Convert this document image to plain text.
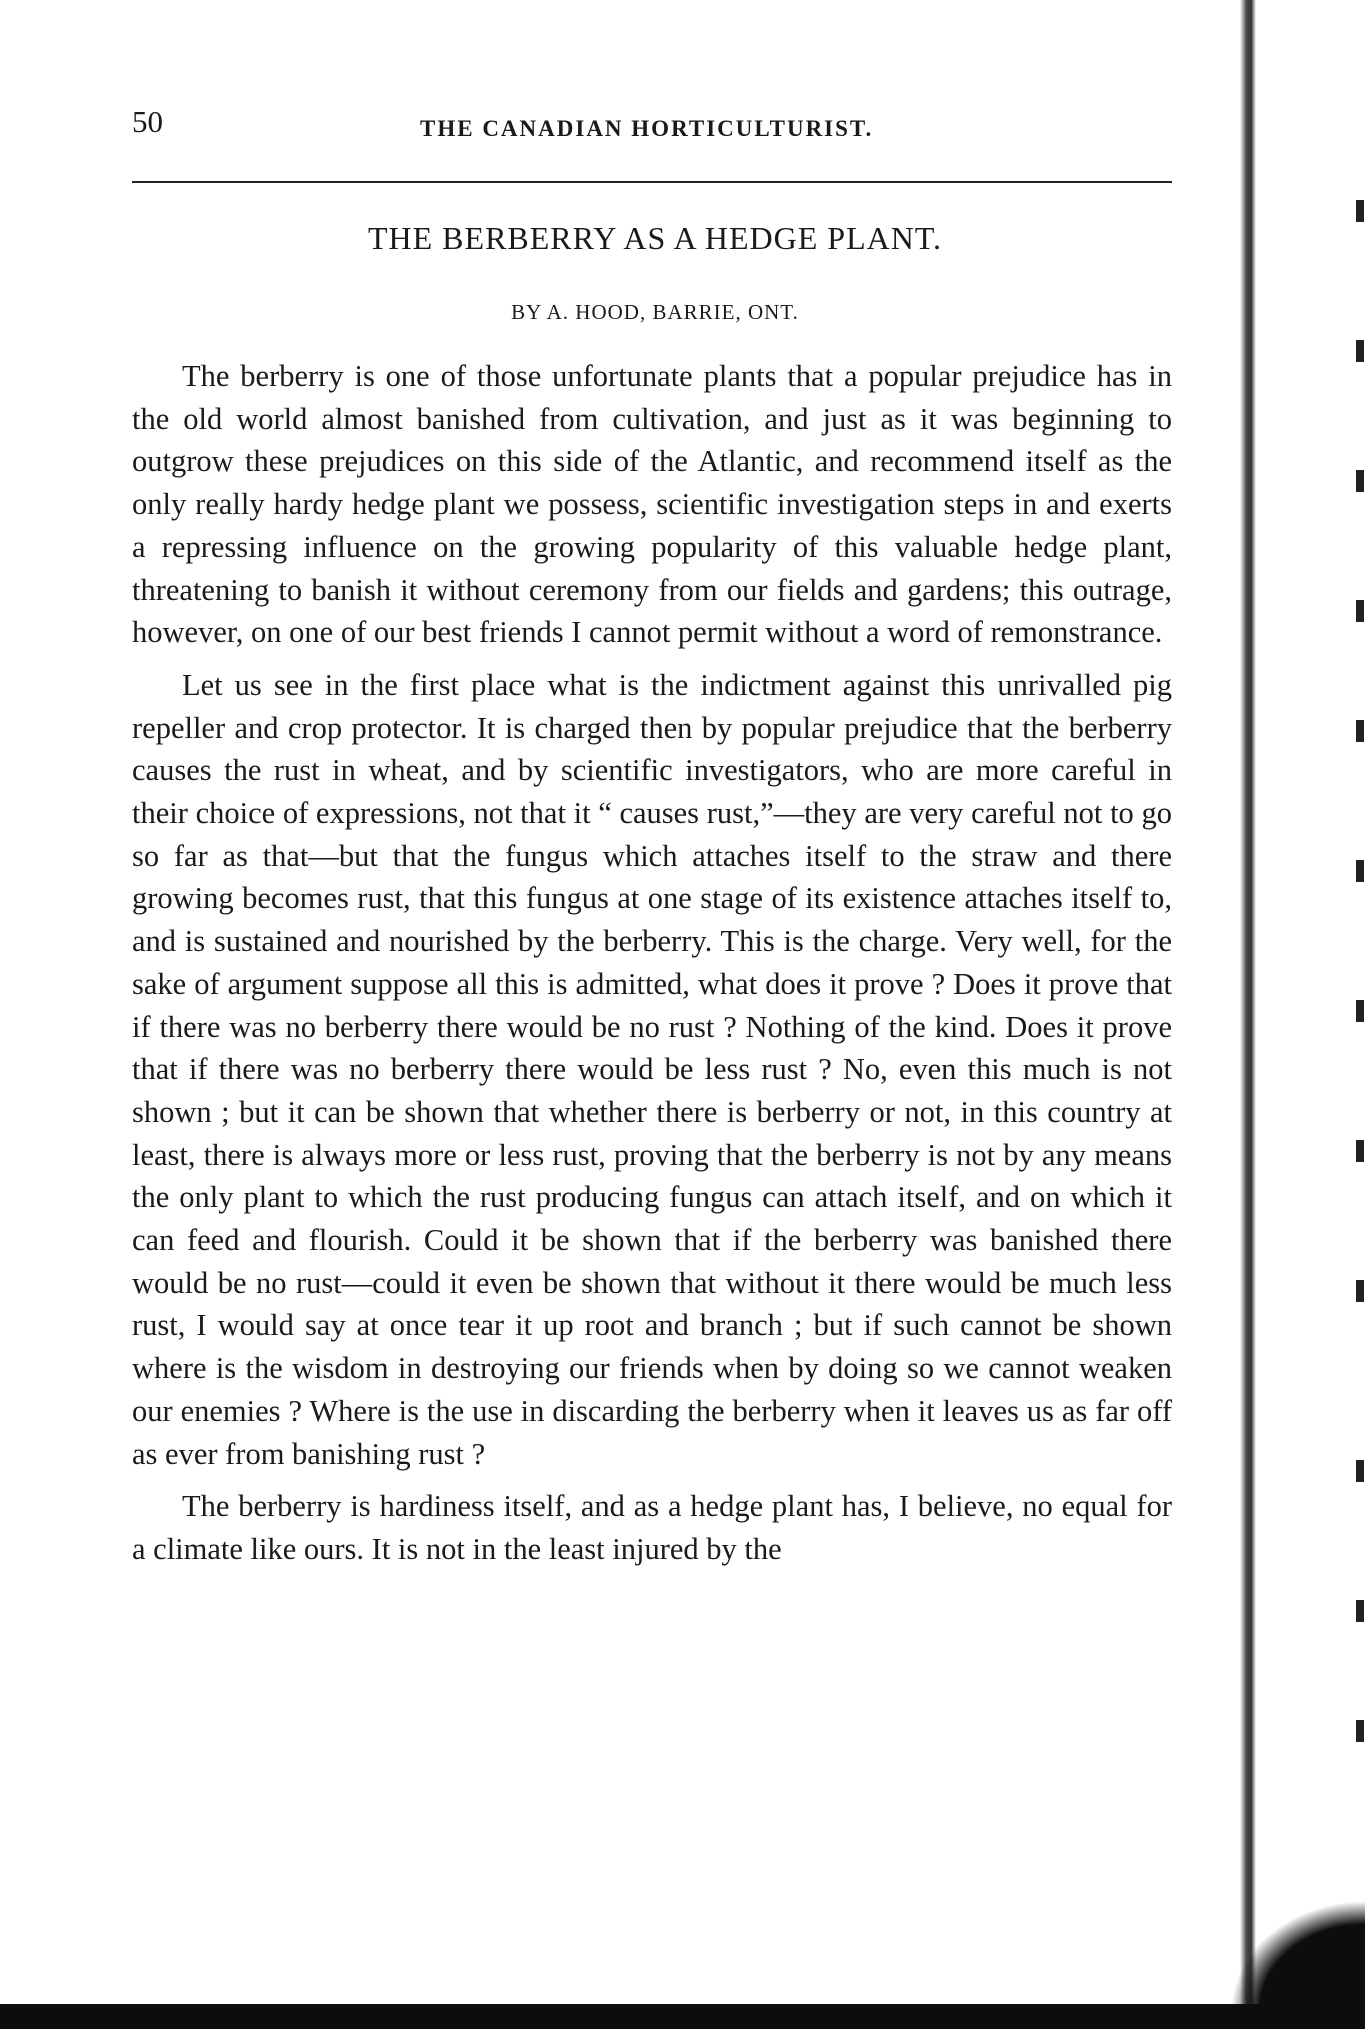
50	THE CANADIAN HORTICULTURIST.
THE BERBERRY AS A HEDGE PLANT.
BY A. HOOD, BARRIE, ONT.

The berberry is one of those unfortunate plants that a popular prejudice has in the old world almost banished from cultivation, and just as it was beginning to outgrow these prejudices on this side of the Atlantic, and recommend itself as the only really hardy hedge plant we possess, scientific investigation steps in and exerts a repressing influence on the growing popularity of this valuable hedge plant, threatening to banish it without ceremony from our fields and gardens; this outrage, however, on one of our best friends I cannot permit without a word of remonstrance.

Let us see in the first place what is the indictment against this unrivalled pig repeller and crop protector. It is charged then by popular prejudice that the berberry causes the rust in wheat, and by scientific investigators, who are more careful in their choice of expressions, not that it “ causes rust,”—they are very careful not to go so far as that—but that the fungus which attaches itself to the straw and there growing becomes rust, that this fungus at one stage of its existence attaches itself to, and is sustained and nourished by the berberry. This is the charge. Very well, for the sake of argument suppose all this is admitted, what does it prove ? Does it prove that if there was no berberry there would be no rust ? Nothing of the kind. Does it prove that if there was no berberry there would be less rust ? No, even this much is not shown ; but it can be shown that whether there is berberry or not, in this country at least, there is always more or less rust, proving that the berberry is not by any means the only plant to which the rust producing fungus can attach itself, and on which it can feed and flourish. Could it be shown that if the berberry was banished there would be no rust—could it even be shown that without it there would be much less rust, I would say at once tear it up root and branch ; but if such cannot be shown where is the wisdom in destroying our friends when by doing so we cannot weaken our enemies ? Where is the use in discarding the berberry when it leaves us as far off as ever from banishing rust ?

The berberry is hardiness itself, and as a hedge plant has, I believe, no equal for a climate like ours. It is not in the least injured by the
